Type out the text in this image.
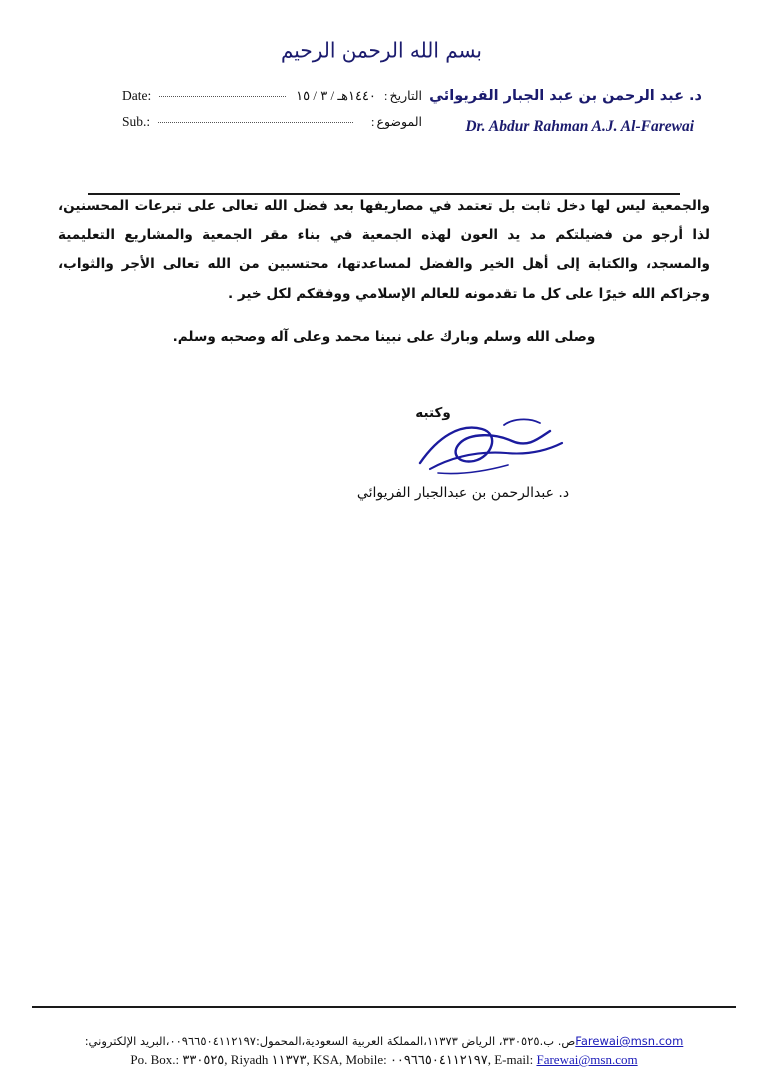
بسم الله الرحمن الرحيم
د. عبد الرحمن بن عبد الجبار الفريوائي
Dr. Abdur Rahman A.J. Al-Farewai
التاريخ
:
١٤٤٠هـ / ٣ / ١٥
Date:
الموضوع
:
Sub.:

والجمعية ليس لها دخل ثابت بل تعتمد في مصاريفها بعد فضل الله تعالى على تبرعات المحسنين، لذا أرجو من فضيلتكم مد يد العون لهذه الجمعية في بناء مقر الجمعية والمشاريع التعليمية والمسجد، والكتابة إلى أهل الخير والفضل لمساعدتها، محتسبين من الله تعالى الأجر والثواب، وجزاكم الله خيرًا على كل ما تقدمونه للعالم الإسلامي ووفقكم لكل خير .

وصلى الله وسلم وبارك على نبينا محمد وعلى آله وصحبه وسلم.
وكتبه
د. عبدالرحمن بن عبدالجبار الفريوائي
Farewai@msn.comص. ب.٣٣٠٥٢٥، الرياض ١١٣٧٣،المملكة العربية السعودية،المحمول:٠٠٩٦٦٥٠٤١١٢١٩٧،البريد الإلكتروني:
Po. Box.: ٣٣٠٥٢٥, Riyadh ١١٣٧٣, KSA, Mobile: ٠٠٩٦٦٥٠٤١١٢١٩٧, E-mail: Farewai@msn.com
